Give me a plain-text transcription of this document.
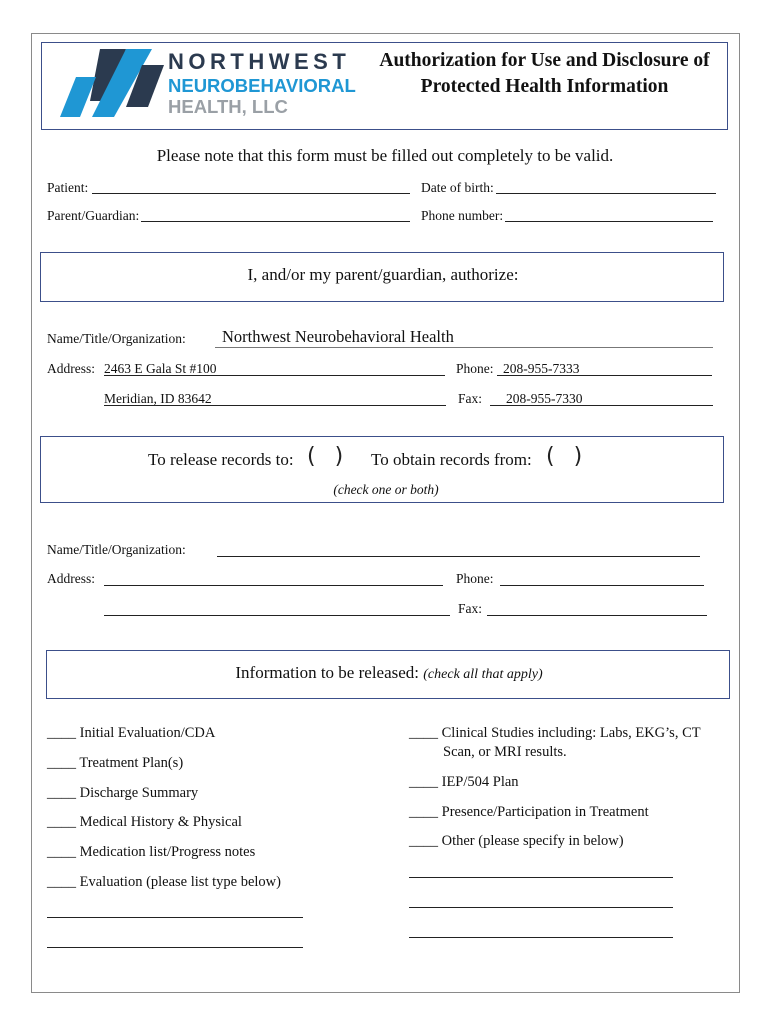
NORTHWEST
NEUROBEHAVIORAL
HEALTH, LLC
Authorization for Use and Disclosure of
Protected Health Information
Please note that this form must be filled out completely to be valid.
Patient:	Date of birth:
Parent/Guardian:	Phone number:
I, and/or my parent/guardian, authorize:
Name/Title/Organization: Northwest Neurobehavioral Health
Address: 2463 E Gala St #100	Phone: 208-955-7333
Meridian, ID 83642	Fax: 208-955-7330
To release records to: ( ) To obtain records from: ( )
(check one or both)
Name/Title/Organization:
Address:	Phone:
Fax:
Information to be released: (check all that apply)
____ Initial Evaluation/CDA
____ Treatment Plan(s)
____ Discharge Summary
____ Medical History & Physical
____ Medication list/Progress notes
____ Evaluation (please list type below)
____ Clinical Studies including: Labs, EKG’s, CT
Scan, or MRI results.
____ IEP/504 Plan
____ Presence/Participation in Treatment
____ Other (please specify in below)
